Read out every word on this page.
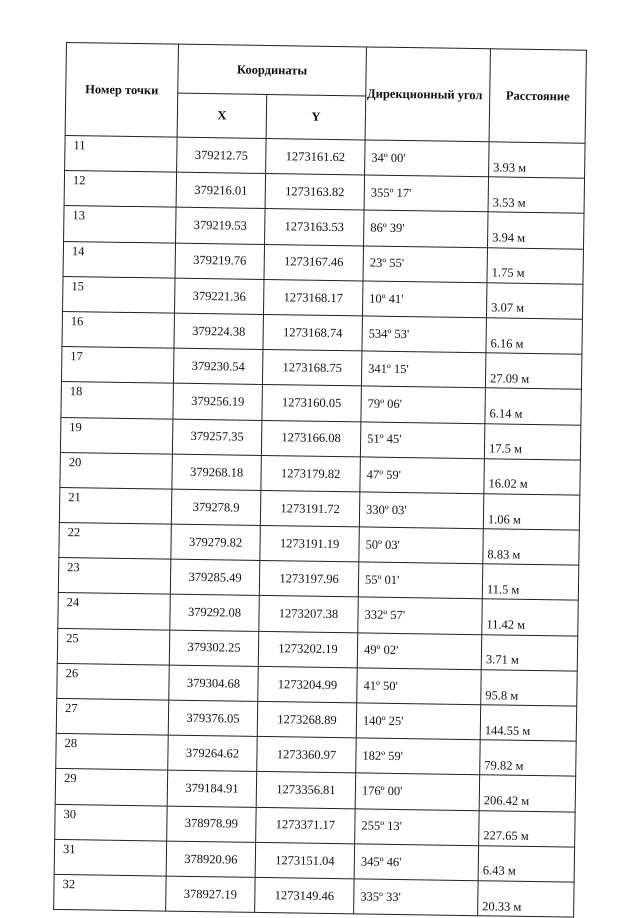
Номер точки	Координаты		Дирекционный угол	Расстояние
	X	Y		
11	379212.75	1273161.62	34º 00'	3.93 м
12	379216.01	1273163.82	355º 17'	3.53 м
13	379219.53	1273163.53	86º 39'	3.94 м
14	379219.76	1273167.46	23º 55'	1.75 м
15	379221.36	1273168.17	10º 41'	3.07 м
16	379224.38	1273168.74	534º 53'	6.16 м
17	379230.54	1273168.75	341º 15'	27.09 м
18	379256.19	1273160.05	79º 06'	6.14 м
19	379257.35	1273166.08	51º 45'	17.5 м
20	379268.18	1273179.82	47º 59'	16.02 м
21	379278.9	1273191.72	330º 03'	1.06 м
22	379279.82	1273191.19	50º 03'	8.83 м
23	379285.49	1273197.96	55º 01'	11.5 м
24	379292.08	1273207.38	332º 57'	11.42 м
25	379302.25	1273202.19	49º 02'	3.71 м
26	379304.68	1273204.99	41º 50'	95.8 м
27	379376.05	1273268.89	140º 25'	144.55 м
28	379264.62	1273360.97	182º 59'	79.82 м
29	379184.91	1273356.81	176º 00'	206.42 м
30	378978.99	1273371.17	255º 13'	227.65 м
31	378920.96	1273151.04	345º 46'	6.43 м
32	378927.19	1273149.46	335º 33'	20.33 м
